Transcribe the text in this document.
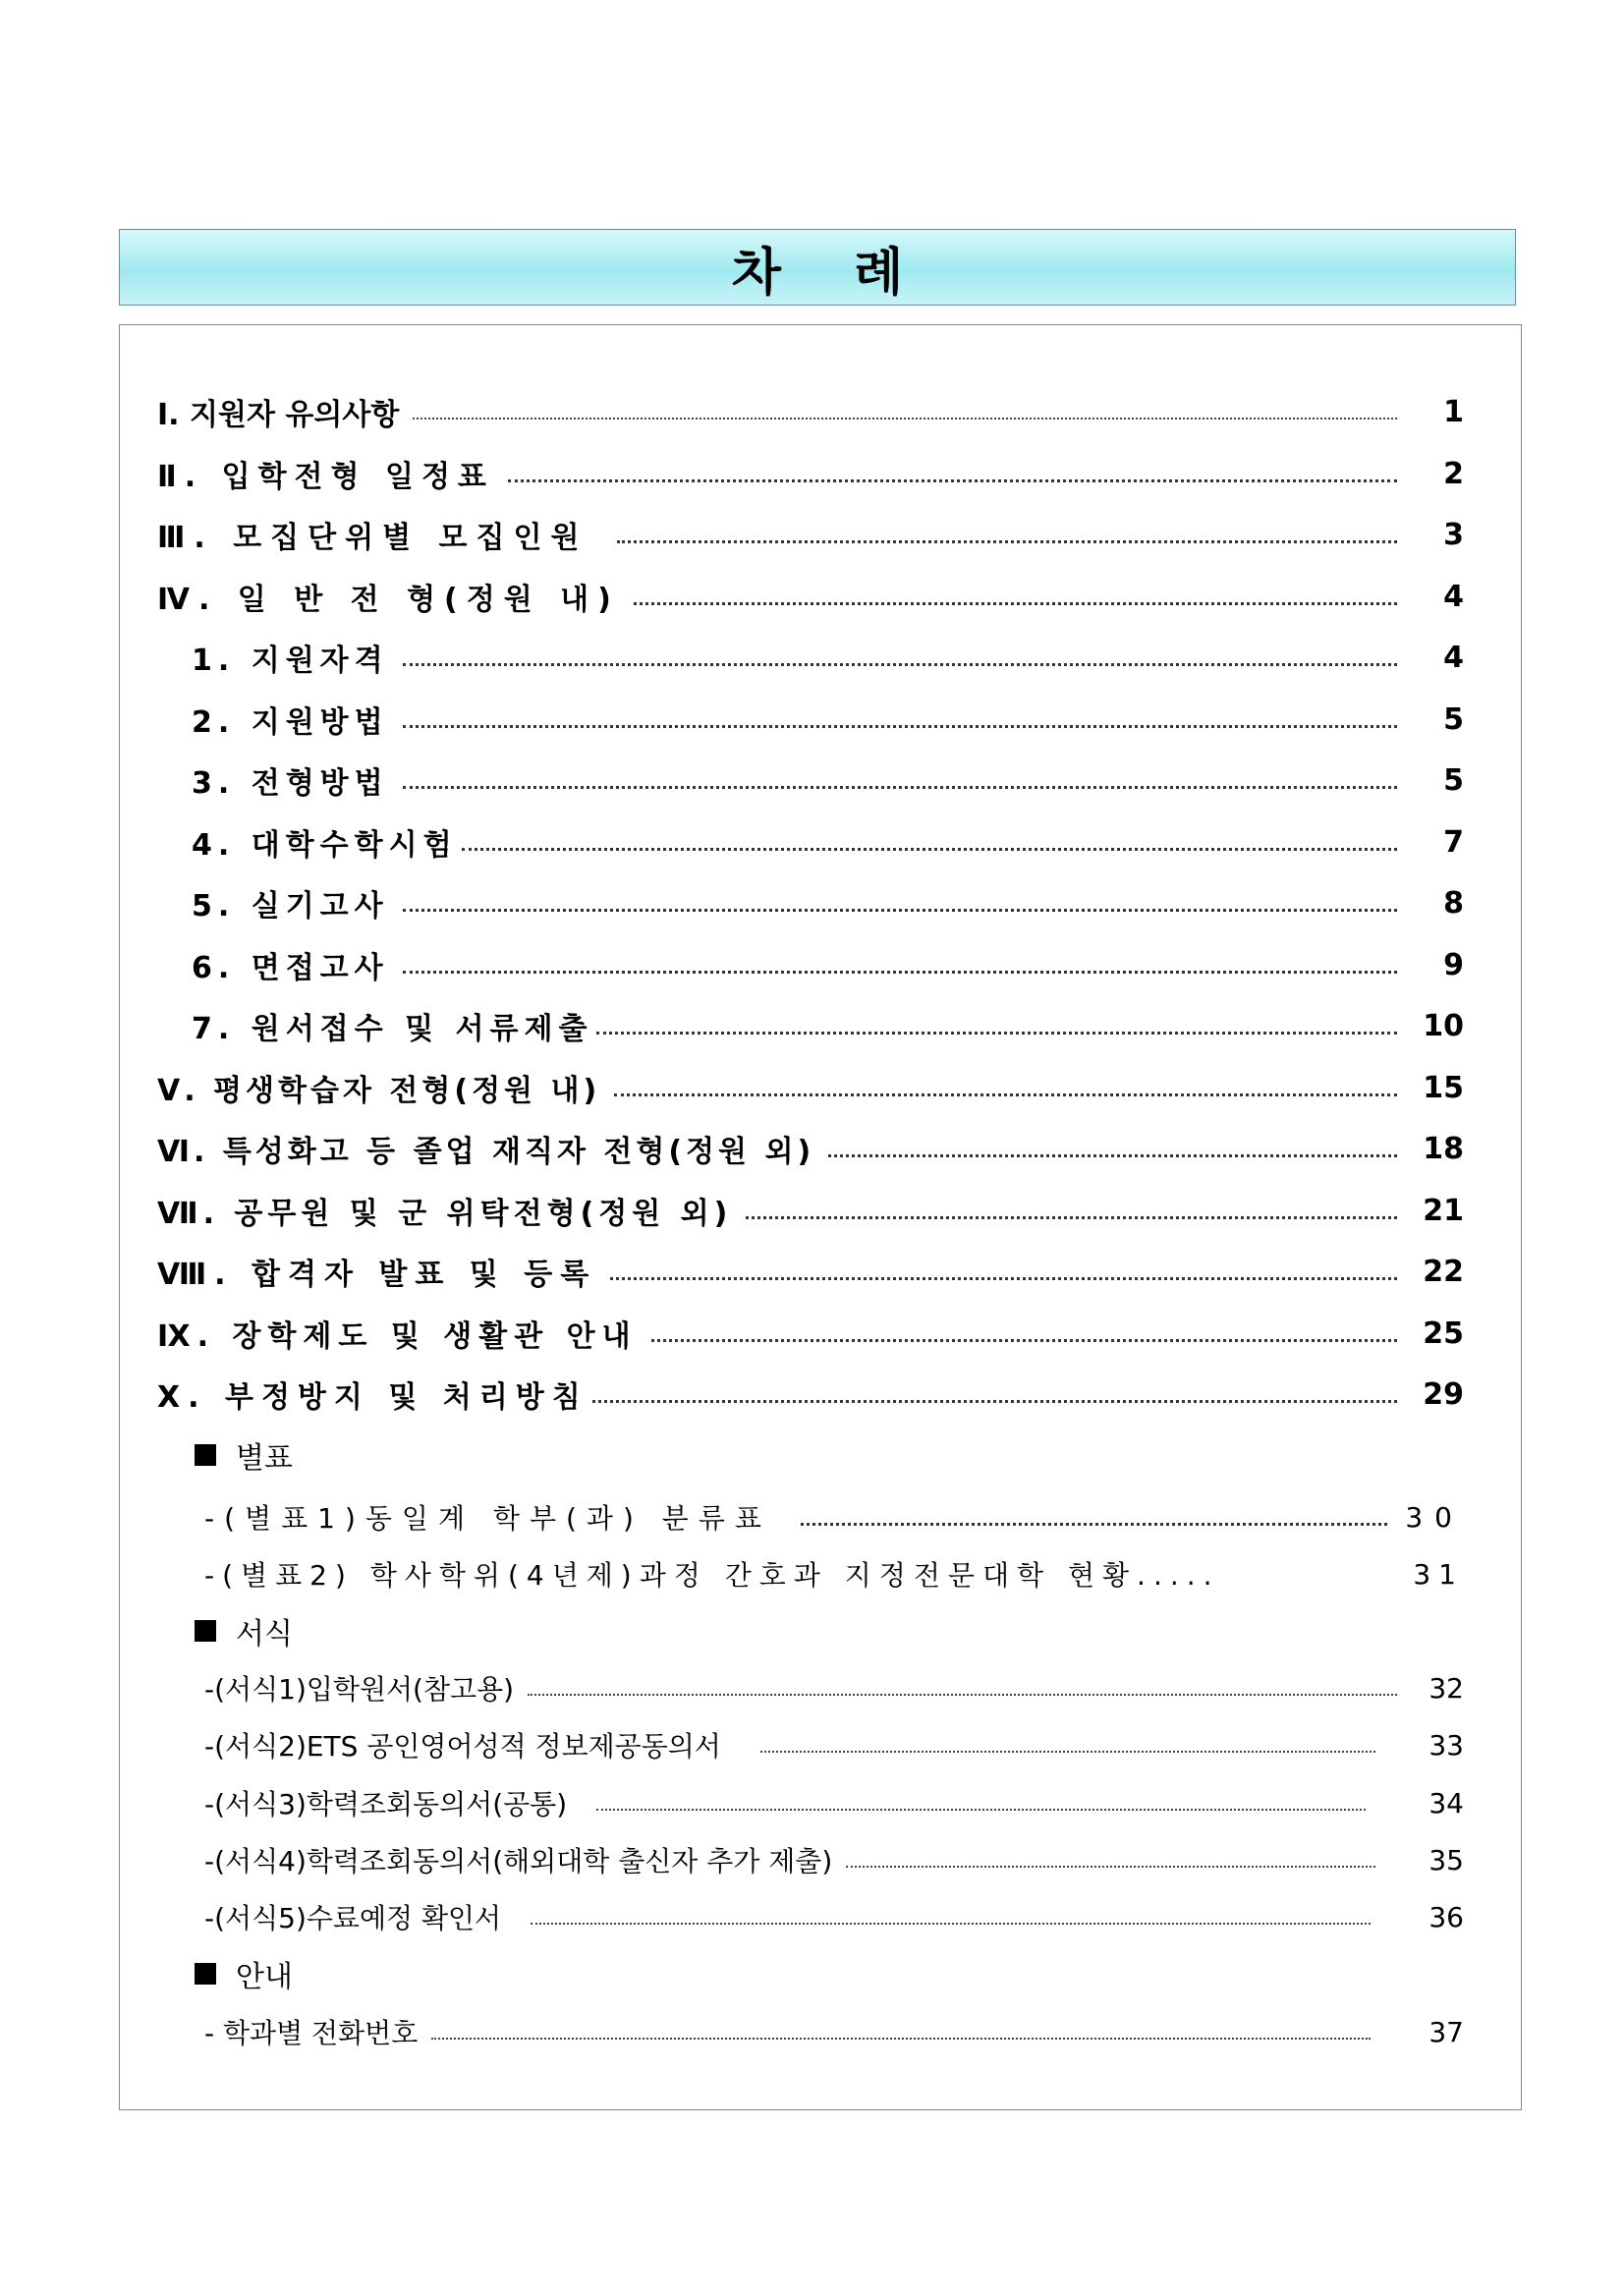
차 례
Ⅰ. 지원자 유의사항	1
Ⅱ. 입학전형 일정표	2
Ⅲ. 모집단위별 모집인원	3
Ⅳ. 일 반 전 형(정원 내)	4
1. 지원자격	4
2. 지원방법	5
3. 전형방법	5
4. 대학수학시험	7
5. 실기고사	8
6. 면접고사	9
7. 원서접수 및 서류제출	10
Ⅴ. 평생학습자 전형(정원 내)	15
Ⅵ. 특성화고 등 졸업 재직자 전형(정원 외)	18
Ⅶ. 공무원 및 군 위탁전형(정원 외)	21
Ⅷ. 합격자 발표 및 등록	22
Ⅸ. 장학제도 및 생활관 안내	25
Ⅹ. 부정방지 및 처리방침	29
별표
-(별표1)동일계 학부(과) 분류표	30
-(별표2) 학사학위(4년제)과정 간호과 지정전문대학 현황.....	31
서식
-(서식1)입학원서(참고용)	32
-(서식2)ETS 공인영어성적 정보제공동의서	33
-(서식3)학력조회동의서(공통)	34
-(서식4)학력조회동의서(해외대학 출신자 추가 제출)	35
-(서식5)수료예정 확인서	36
안내
- 학과별 전화번호	37
